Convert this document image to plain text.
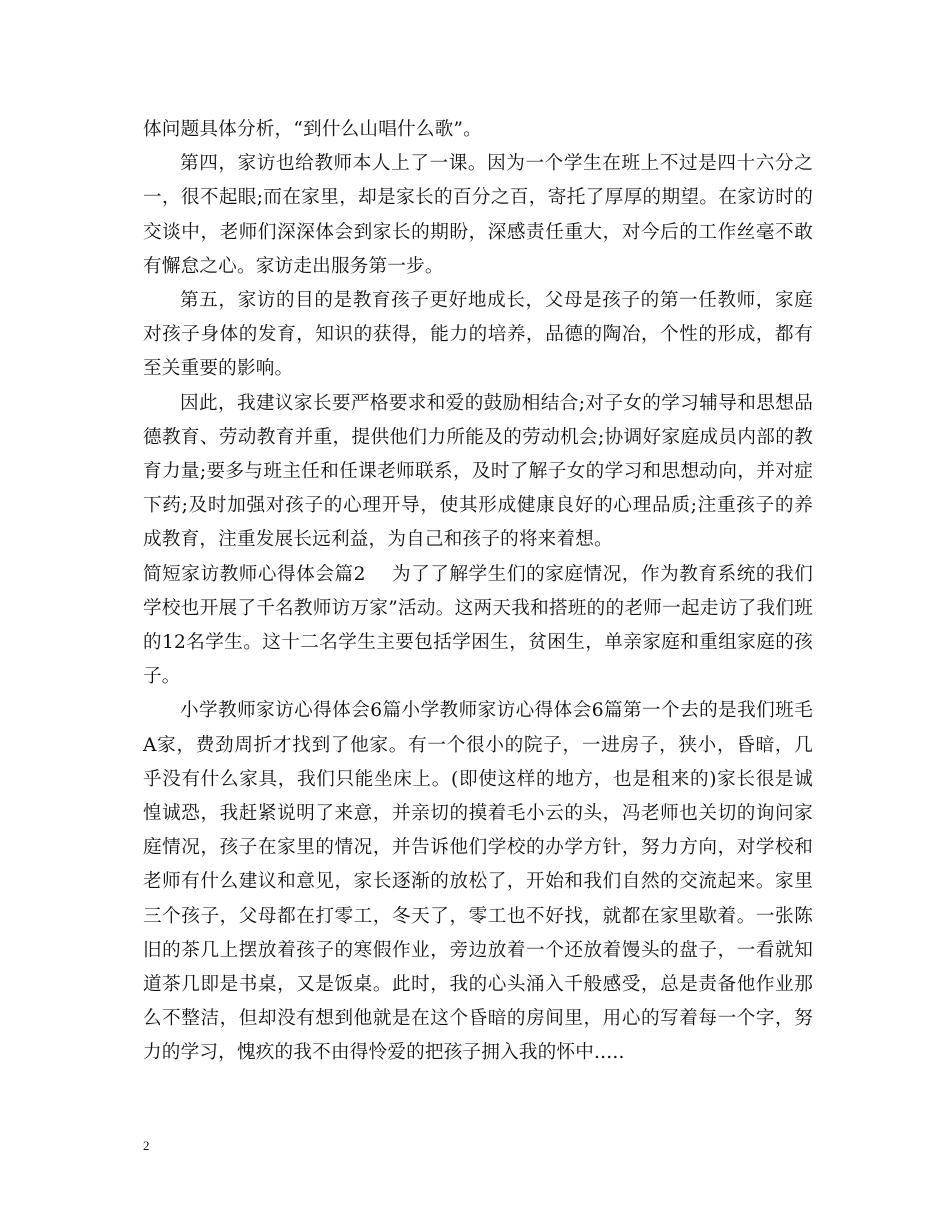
体问题具体分析，“到什么山唱什么歌”。

第四，家访也给教师本人上了一课。因为一个学生在班上不过是四十六分之一，很不起眼;而在家里，却是家长的百分之百，寄托了厚厚的期望。在家访时的交谈中，老师们深深体会到家长的期盼，深感责任重大，对今后的工作丝毫不敢有懈怠之心。家访走出服务第一步。

第五，家访的目的是教育孩子更好地成长，父母是孩子的第一任教师，家庭对孩子身体的发育，知识的获得，能力的培养，品德的陶冶，个性的形成，都有至关重要的影响。

因此，我建议家长要严格要求和爱的鼓励相结合;对子女的学习辅导和思想品德教育、劳动教育并重，提供他们力所能及的劳动机会;协调好家庭成员内部的教育力量;要多与班主任和任课老师联系，及时了解子女的学习和思想动向，并对症下药;及时加强对孩子的心理开导，使其形成健康良好的心理品质;注重孩子的养成教育，注重发展长远利益，为自己和孩子的将来着想。

简短家访教师心得体会篇2 为了了解学生们的家庭情况，作为教育系统的我们学校也开展了千名教师访万家”活动。这两天我和搭班的的老师一起走访了我们班的12名学生。这十二名学生主要包括学困生，贫困生，单亲家庭和重组家庭的孩子。

小学教师家访心得体会6篇小学教师家访心得体会6篇第一个去的是我们班毛A家，费劲周折才找到了他家。有一个很小的院子，一进房子，狭小，昏暗，几乎没有什么家具，我们只能坐床上。(即使这样的地方，也是租来的)家长很是诚惶诚恐，我赶紧说明了来意，并亲切的摸着毛小云的头，冯老师也关切的询问家庭情况，孩子在家里的情况，并告诉他们学校的办学方针，努力方向，对学校和老师有什么建议和意见，家长逐渐的放松了，开始和我们自然的交流起来。家里三个孩子，父母都在打零工，冬天了，零工也不好找，就都在家里歇着。一张陈旧的茶几上摆放着孩子的寒假作业，旁边放着一个还放着馒头的盘子，一看就知道茶几即是书桌，又是饭桌。此时，我的心头涌入千般感受，总是责备他作业那么不整洁，但却没有想到他就是在这个昏暗的房间里，用心的写着每一个字，努力的学习，愧疚的我不由得怜爱的把孩子拥入我的怀中.....

2
